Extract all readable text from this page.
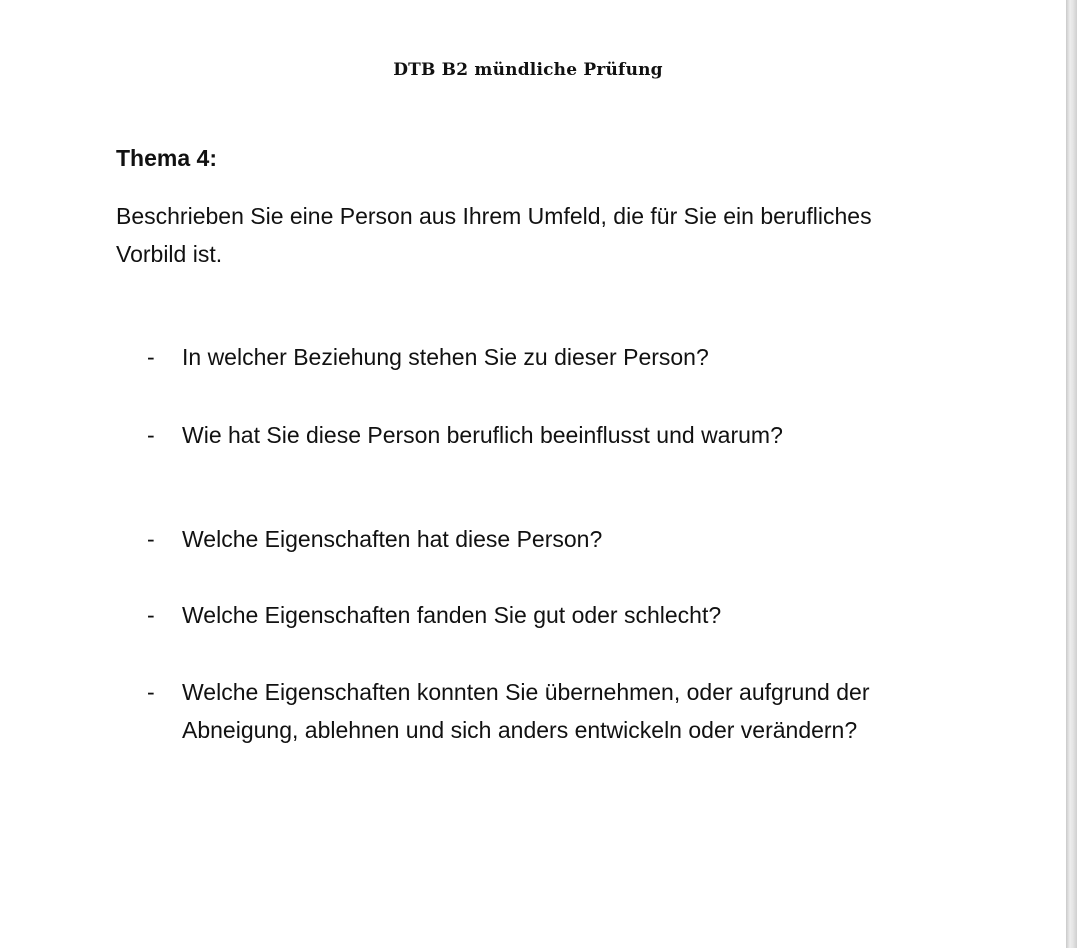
DTB B2 mündliche Prüfung
Thema 4:

Beschrieben Sie eine Person aus Ihrem Umfeld, die für Sie ein berufliches Vorbild ist.

- In welcher Beziehung stehen Sie zu dieser Person?
- Wie hat Sie diese Person beruflich beeinflusst und warum?
- Welche Eigenschaften hat diese Person?
- Welche Eigenschaften fanden Sie gut oder schlecht?
- Welche Eigenschaften konnten Sie übernehmen, oder aufgrund der Abneigung, ablehnen und sich anders entwickeln oder verändern?
